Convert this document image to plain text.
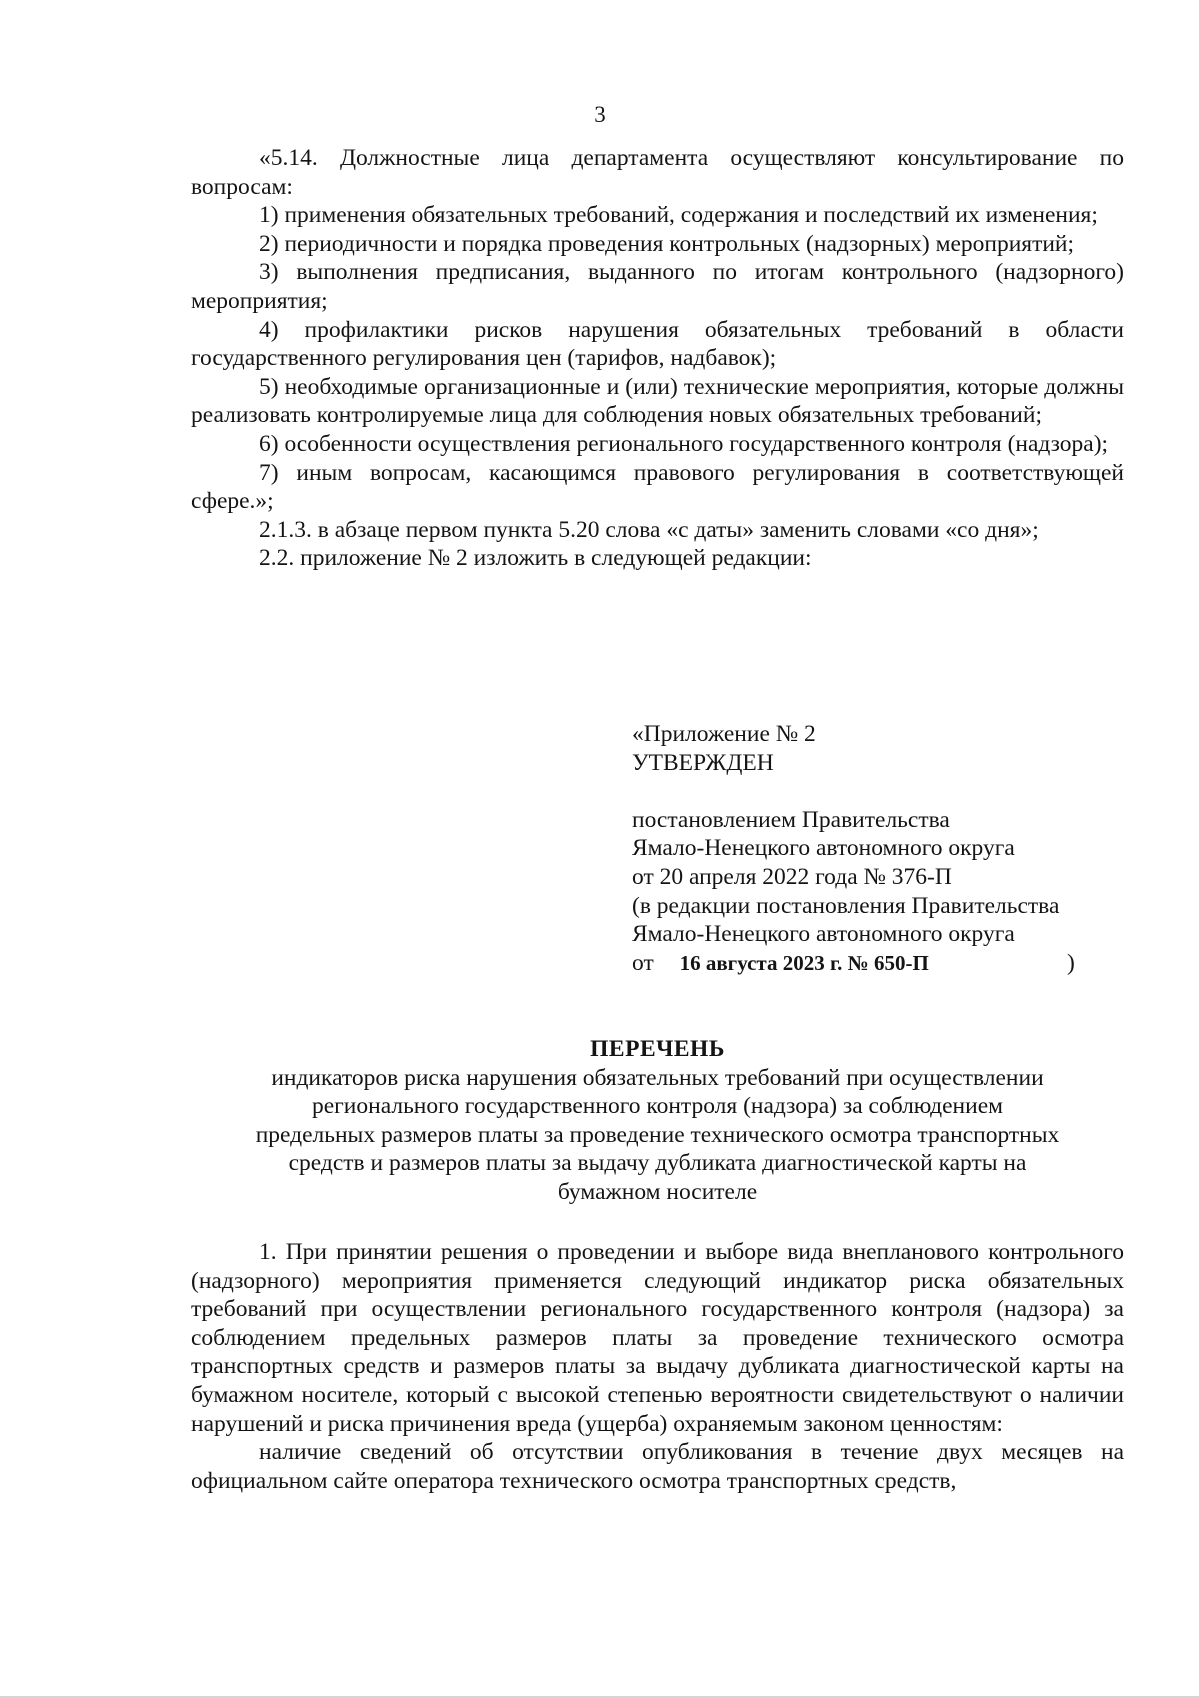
3

«5.14. Должностные лица департамента осуществляют консультирование по вопросам:

1) применения обязательных требований, содержания и последствий их изменения;

2) периодичности и порядка проведения контрольных (надзорных) мероприятий;

3) выполнения предписания, выданного по итогам контрольного (надзорного) мероприятия;

4) профилактики рисков нарушения обязательных требований в области государственного регулирования цен (тарифов, надбавок);

5) необходимые организационные и (или) технические мероприятия, которые должны реализовать контролируемые лица для соблюдения новых обязательных требований;

6) особенности осуществления регионального государственного контроля (надзора);

7) иным вопросам, касающимся правового регулирования в соответствующей сфере.»;

2.1.3. в абзаце первом пункта 5.20 слова «с даты» заменить словами «со дня»;

2.2. приложение № 2 изложить в следующей редакции:

«Приложение № 2
УТВЕРЖДЕН
постановлением Правительства
Ямало-Ненецкого автономного округа
от 20 апреля 2022 года № 376-П
(в редакции постановления Правительства
Ямало-Ненецкого автономного округа
от 16 августа 2023 г. № 650-П	)
ПЕРЕЧЕНЬ
индикаторов риска нарушения обязательных требований при осуществлении
регионального государственного контроля (надзора) за соблюдением
предельных размеров платы за проведение технического осмотра транспортных
средств и размеров платы за выдачу дубликата диагностической карты на
бумажном носителе

1. При принятии решения о проведении и выборе вида внепланового контрольного (надзорного) мероприятия применяется следующий индикатор риска обязательных требований при осуществлении регионального государственного контроля (надзора) за соблюдением предельных размеров платы за проведение технического осмотра транспортных средств и размеров платы за выдачу дубликата диагностической карты на бумажном носителе, который с высокой степенью вероятности свидетельствуют о наличии нарушений и риска причинения вреда (ущерба) охраняемым законом ценностям:

наличие сведений об отсутствии опубликования в течение двух месяцев на официальном сайте оператора технического осмотра транспортных средств,
